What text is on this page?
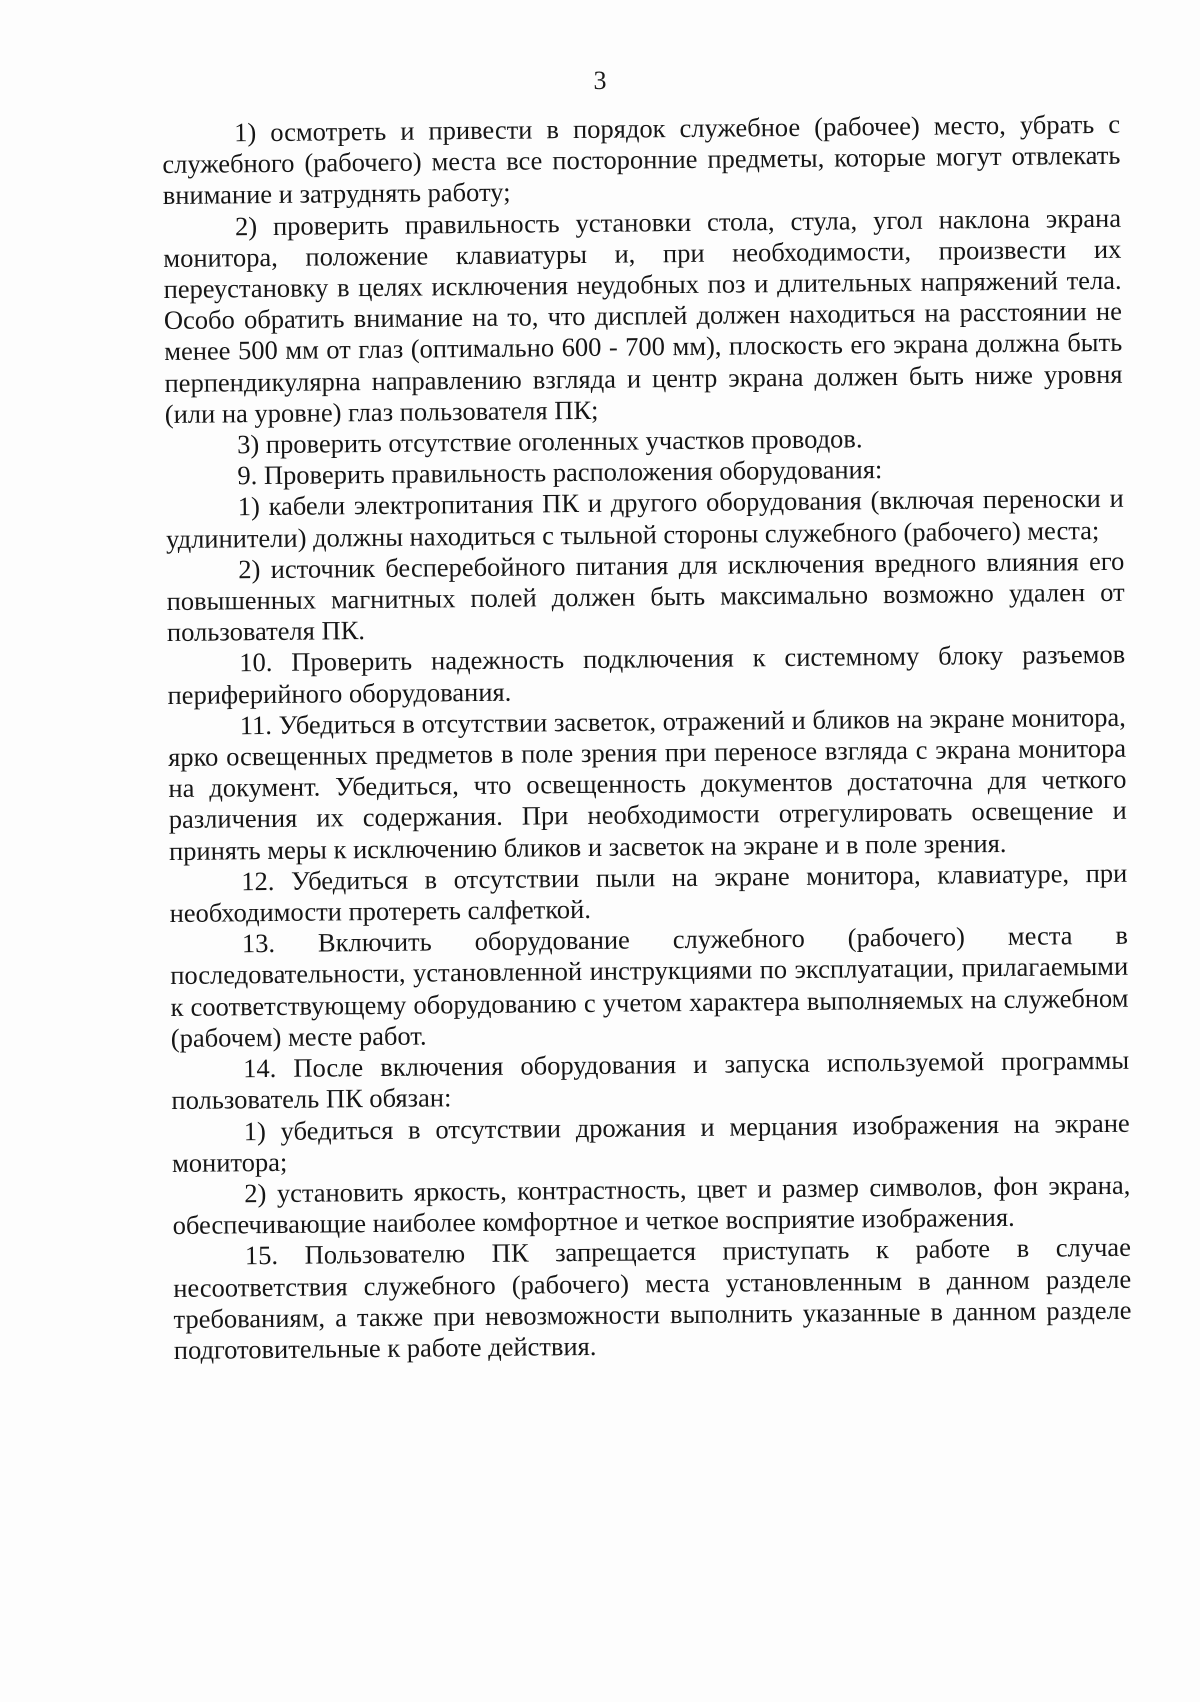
3

1) осмотреть и привести в порядок служебное (рабочее) место, убрать с служебного (рабочего) места все посторонние предметы, которые могут отвлекать внимание и затруднять работу;

2) проверить правильность установки стола, стула, угол наклона экрана монитора, положение клавиатуры и, при необходимости, произвести их переустановку в целях исключения неудобных поз и длительных напряжений тела. Особо обратить внимание на то, что дисплей должен находиться на расстоянии не менее 500 мм от глаз (оптимально 600 - 700 мм), плоскость его экрана должна быть перпендикулярна направлению взгляда и центр экрана должен быть ниже уровня (или на уровне) глаз пользователя ПК;

3) проверить отсутствие оголенных участков проводов.

9. Проверить правильность расположения оборудования:

1) кабели электропитания ПК и другого оборудования (включая переноски и удлинители) должны находиться с тыльной стороны служебного (рабочего) места;

2) источник бесперебойного питания для исключения вредного влияния его повышенных магнитных полей должен быть максимально возможно удален от пользователя ПК.

10. Проверить надежность подключения к системному блоку разъемов периферийного оборудования.

11. Убедиться в отсутствии засветок, отражений и бликов на экране монитора, ярко освещенных предметов в поле зрения при переносе взгляда с экрана монитора на документ. Убедиться, что освещенность документов достаточна для четкого различения их содержания. При необходимости отрегулировать освещение и принять меры к исключению бликов и засветок на экране и в поле зрения.

12. Убедиться в отсутствии пыли на экране монитора, клавиатуре, при необходимости протереть салфеткой.

13. Включить оборудование служебного (рабочего) места в последовательности, установленной инструкциями по эксплуатации, прилагаемыми к соответствующему оборудованию с учетом характера выполняемых на служебном (рабочем) месте работ.

14. После включения оборудования и запуска используемой программы пользователь ПК обязан:

1) убедиться в отсутствии дрожания и мерцания изображения на экране монитора;

2) установить яркость, контрастность, цвет и размер символов, фон экрана, обеспечивающие наиболее комфортное и четкое восприятие изображения.

15. Пользователю ПК запрещается приступать к работе в случае несоответствия служебного (рабочего) места установленным в данном разделе требованиям, а также при невозможности выполнить указанные в данном разделе подготовительные к работе действия.
